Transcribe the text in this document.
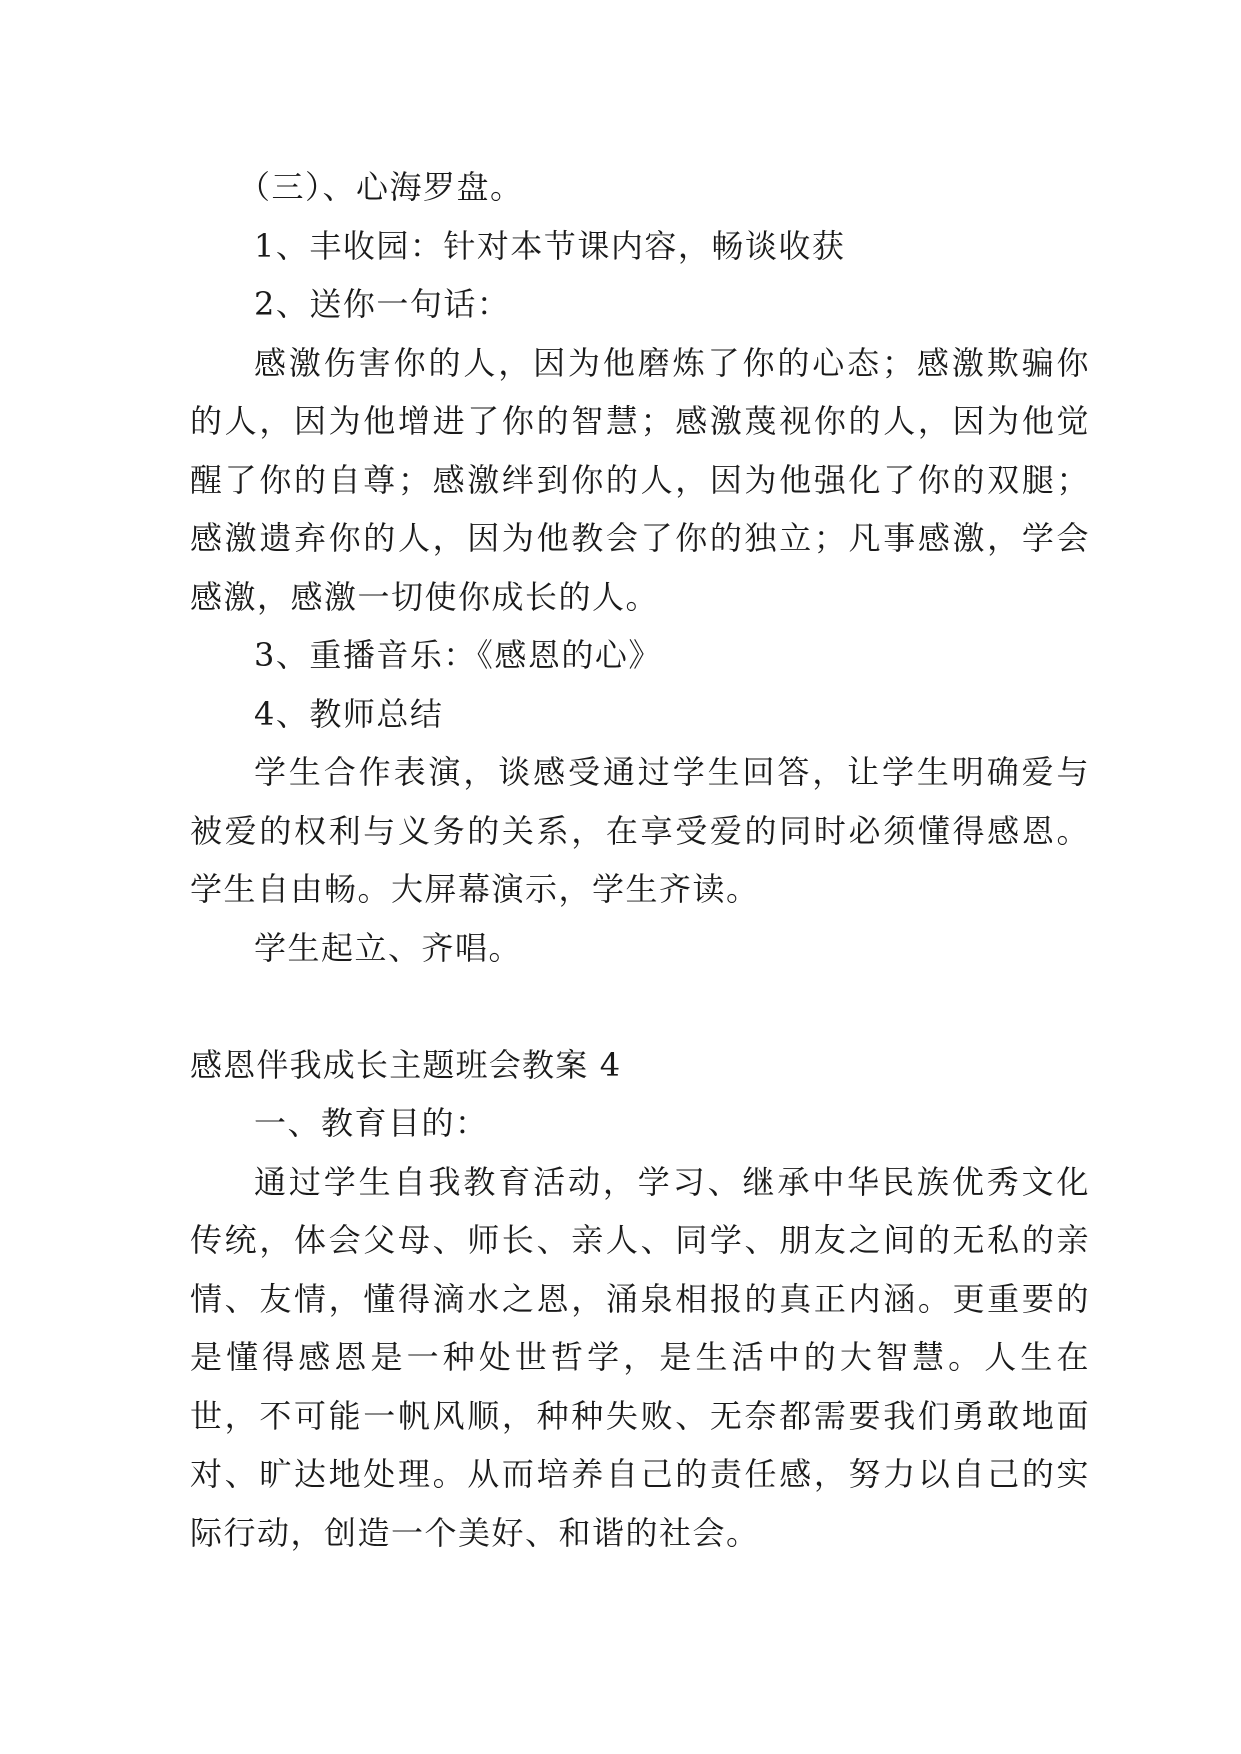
（三）、心海罗盘。

1、丰收园：针对本节课内容，畅谈收获

2、送你一句话：

感激伤害你的人，因为他磨炼了你的心态；感激欺骗你的人，因为他增进了你的智慧；感激蔑视你的人，因为他觉醒了你的自尊；感激绊到你的人，因为他强化了你的双腿；感激遗弃你的人，因为他教会了你的独立；凡事感激，学会感激，感激一切使你成长的人。

3、重播音乐：《感恩的心》

4、教师总结

学生合作表演，谈感受通过学生回答，让学生明确爱与被爱的权利与义务的关系，在享受爱的同时必须懂得感恩。学生自由畅。大屏幕演示，学生齐读。

学生起立、齐唱。

感恩伴我成长主题班会教案 4

一、教育目的：

通过学生自我教育活动，学习、继承中华民族优秀文化传统，体会父母、师长、亲人、同学、朋友之间的无私的亲情、友情，懂得滴水之恩，涌泉相报的真正内涵。更重要的是懂得感恩是一种处世哲学，是生活中的大智慧。人生在世，不可能一帆风顺，种种失败、无奈都需要我们勇敢地面对、旷达地处理。从而培养自己的责任感，努力以自己的实际行动，创造一个美好、和谐的社会。
